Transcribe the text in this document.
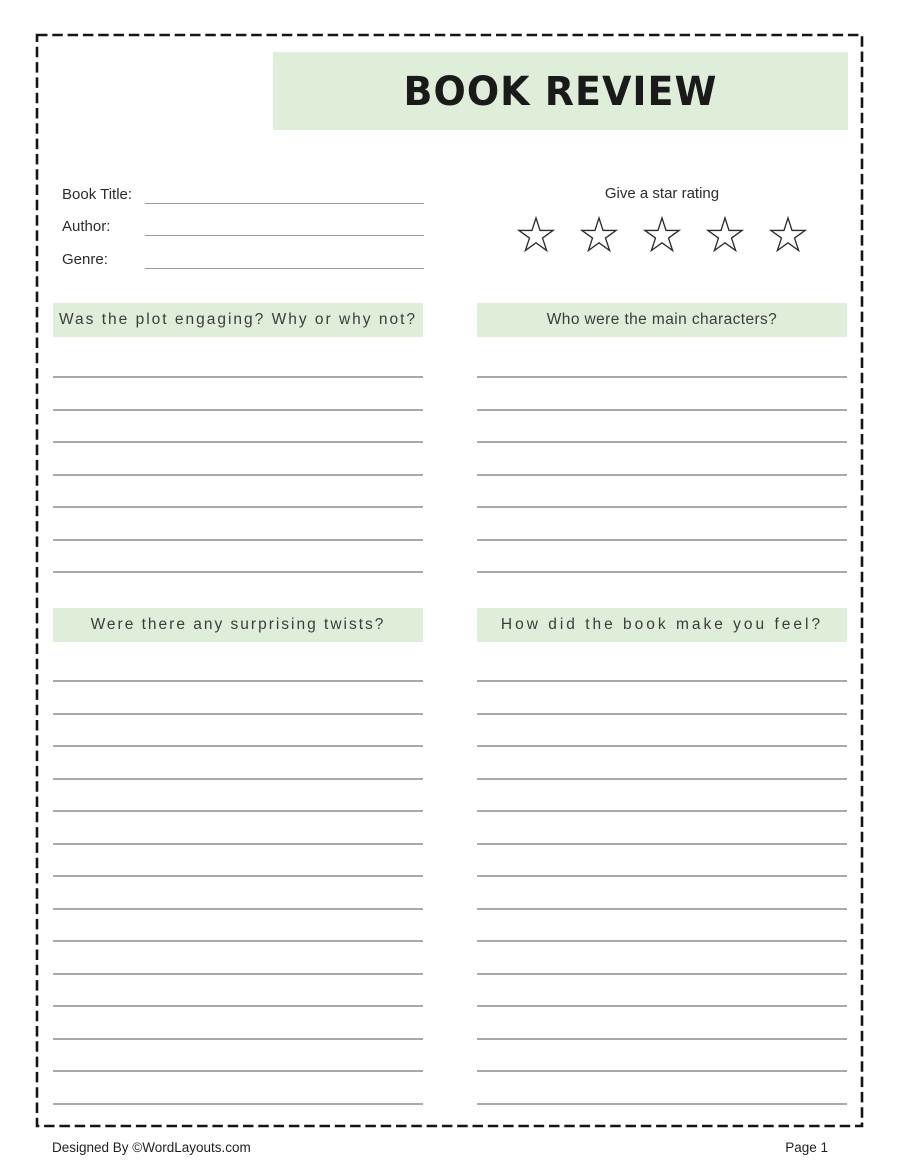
BOOK REVIEW
Book Title:
Author:
Genre:
Give a star rating
Was the plot engaging? Why or why not?	Who were the main characters?
Were there any surprising twists?	How did the book make you feel?
Designed By ©WordLayouts.com	Page 1
